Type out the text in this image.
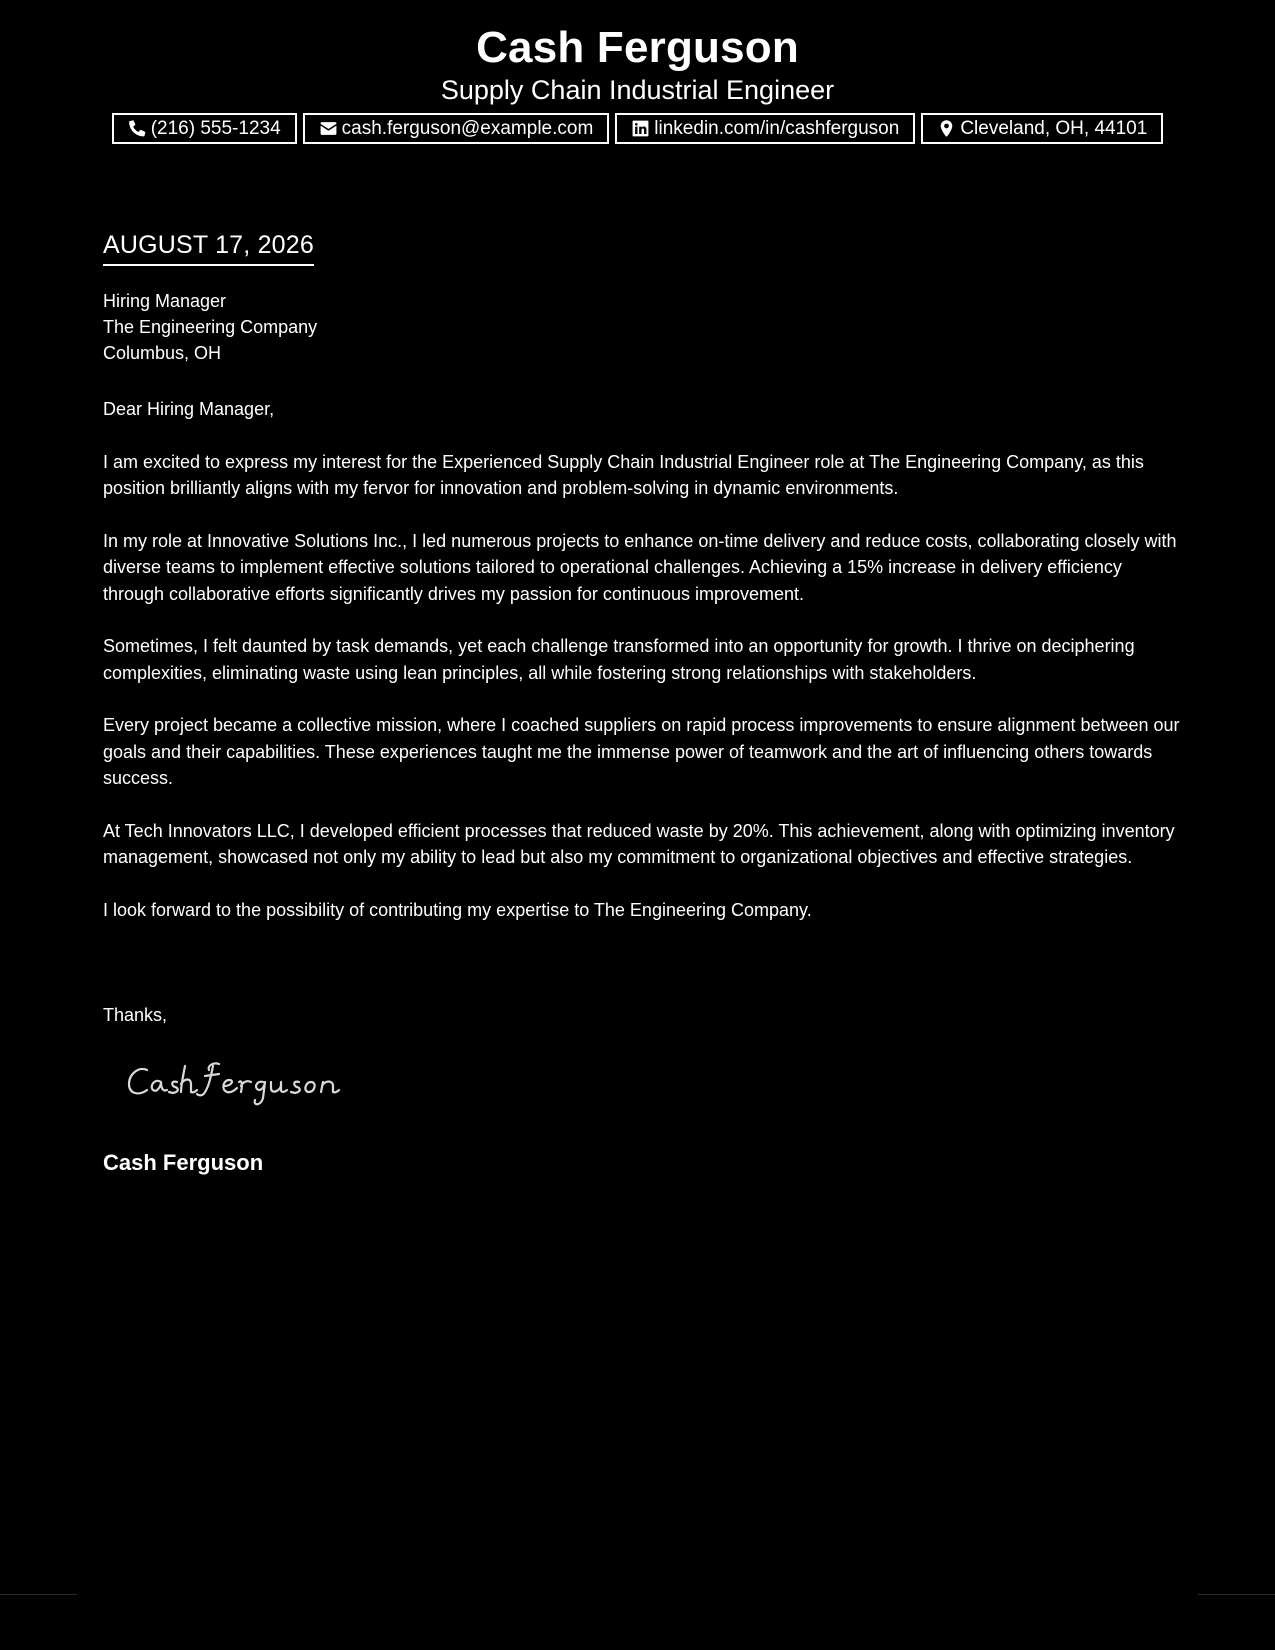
Cash Ferguson
Supply Chain Industrial Engineer
(216) 555-1234	cash.ferguson@example.com	linkedin.com/in/cashferguson	Cleveland, OH, 44101
AUGUST 17, 2026
Hiring Manager
The Engineering Company
Columbus, OH

Dear Hiring Manager,

I am excited to express my interest for the Experienced Supply Chain Industrial Engineer role at The Engineering Company, as this position brilliantly aligns with my fervor for innovation and problem-solving in dynamic environments.

In my role at Innovative Solutions Inc., I led numerous projects to enhance on-time delivery and reduce costs, collaborating closely with diverse teams to implement effective solutions tailored to operational challenges. Achieving a 15% increase in delivery efficiency through collaborative efforts significantly drives my passion for continuous improvement.

Sometimes, I felt daunted by task demands, yet each challenge transformed into an opportunity for growth. I thrive on deciphering complexities, eliminating waste using lean principles, all while fostering strong relationships with stakeholders.

Every project became a collective mission, where I coached suppliers on rapid process improvements to ensure alignment between our goals and their capabilities. These experiences taught me the immense power of teamwork and the art of influencing others towards success.

At Tech Innovators LLC, I developed efficient processes that reduced waste by 20%. This achievement, along with optimizing inventory management, showcased not only my ability to lead but also my commitment to organizational objectives and effective strategies.

I look forward to the possibility of contributing my expertise to The Engineering Company.

Thanks,
Cash Ferguson
